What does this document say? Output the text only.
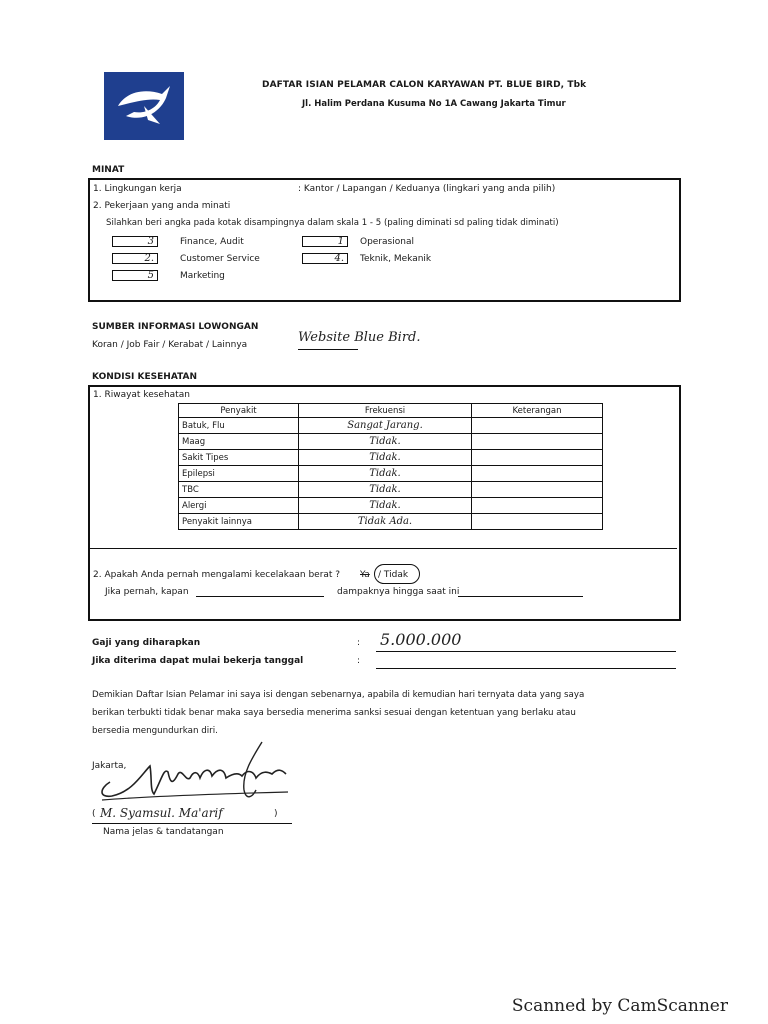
DAFTAR ISIAN PELAMAR CALON KARYAWAN PT. BLUE BIRD, Tbk
Jl. Halim Perdana Kusuma No 1A Cawang Jakarta Timur
MINAT
1. Lingkungan kerja	: Kantor / Lapangan / Keduanya (lingkari yang anda pilih)
2. Pekerjaan yang anda minati
Silahkan beri angka pada kotak disampingnya dalam skala 1 - 5 (paling diminati sd paling tidak diminati)
3	Finance, Audit
2.	Customer Service
5	Marketing
1	Operasional
4.	Teknik, Mekanik
SUMBER INFORMASI LOWONGAN
Koran / Job Fair / Kerabat / Lainnya	Website Blue Bird.
KONDISI KESEHATAN
1. Riwayat kesehatan
Penyakit	Frekuensi	Keterangan
Batuk, Flu	Sangat Jarang.	
Maag	Tidak.	
Sakit Tipes	Tidak.	
Epilepsi	Tidak.	
TBC	Tidak.	
Alergi	Tidak.	
Penyakit lainnya	Tidak Ada.	
2. Apakah Anda pernah mengalami kecelakaan berat ? Ya / Tidak
Jika pernah, kapan	dampaknya hingga saat ini
Gaji yang diharapkan	: 5.000.000
Jika diterima dapat mulai bekerja tanggal	:
Demikian Daftar Isian Pelamar ini saya isi dengan sebenarnya, apabila di kemudian hari ternyata data yang saya
berikan terbukti tidak benar maka saya bersedia menerima sanksi sesuai dengan ketentuan yang berlaku atau
bersedia mengundurkan diri.
Jakarta,
( M. Syamsul. Ma'arif	)
Nama jelas & tandatangan
Scanned by CamScanner
